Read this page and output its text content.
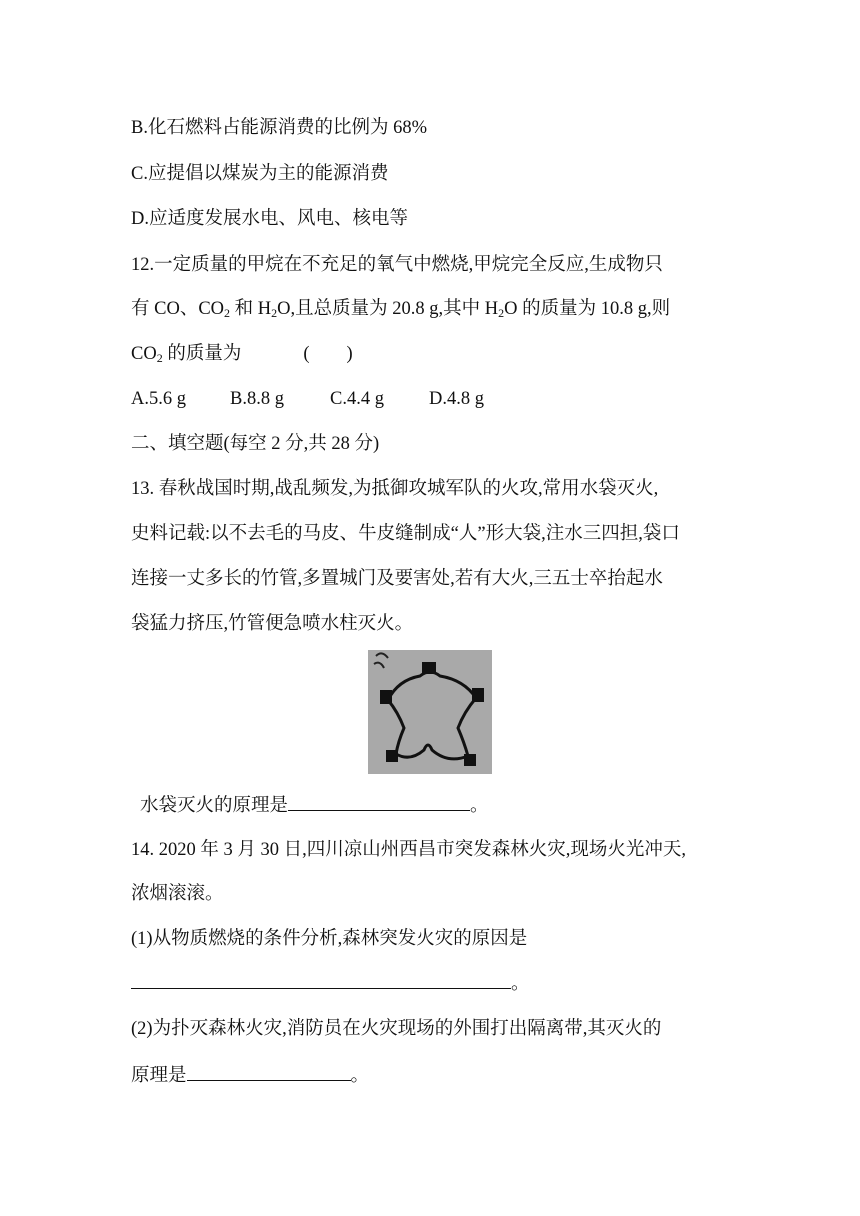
B.化石燃料占能源消费的比例为 68%
C.应提倡以煤炭为主的能源消费
D.应适度发展水电、风电、核电等
12.一定质量的甲烷在不充足的氧气中燃烧,甲烷完全反应,生成物只
有 CO、$CO_2$ 和 $H_2O$,且总质量为 20.8 g,其中 $H_2O$ 的质量为 10.8 g,则
$CO_2$ 的质量为	(　　)
A.5.6 g B.8.8 g C.4.4 g D.4.8 g
二、填空题(每空 2 分,共 28 分)
13. 春秋战国时期,战乱频发,为抵御攻城军队的火攻,常用水袋灭火,
史料记载:以不去毛的马皮、牛皮缝制成“人”形大袋,注水三四担,袋口
连接一丈多长的竹管,多置城门及要害处,若有大火,三五士卒抬起水
袋猛力挤压,竹管便急喷水柱灭火。
水袋灭火的原理是	。
14. 2020 年 3 月 30 日,四川凉山州西昌市突发森林火灾,现场火光冲天,
浓烟滚滚。
(1)从物质燃烧的条件分析,森林突发火灾的原因是
。
(2)为扑灭森林火灾,消防员在火灾现场的外围打出隔离带,其灭火的
原理是	。
